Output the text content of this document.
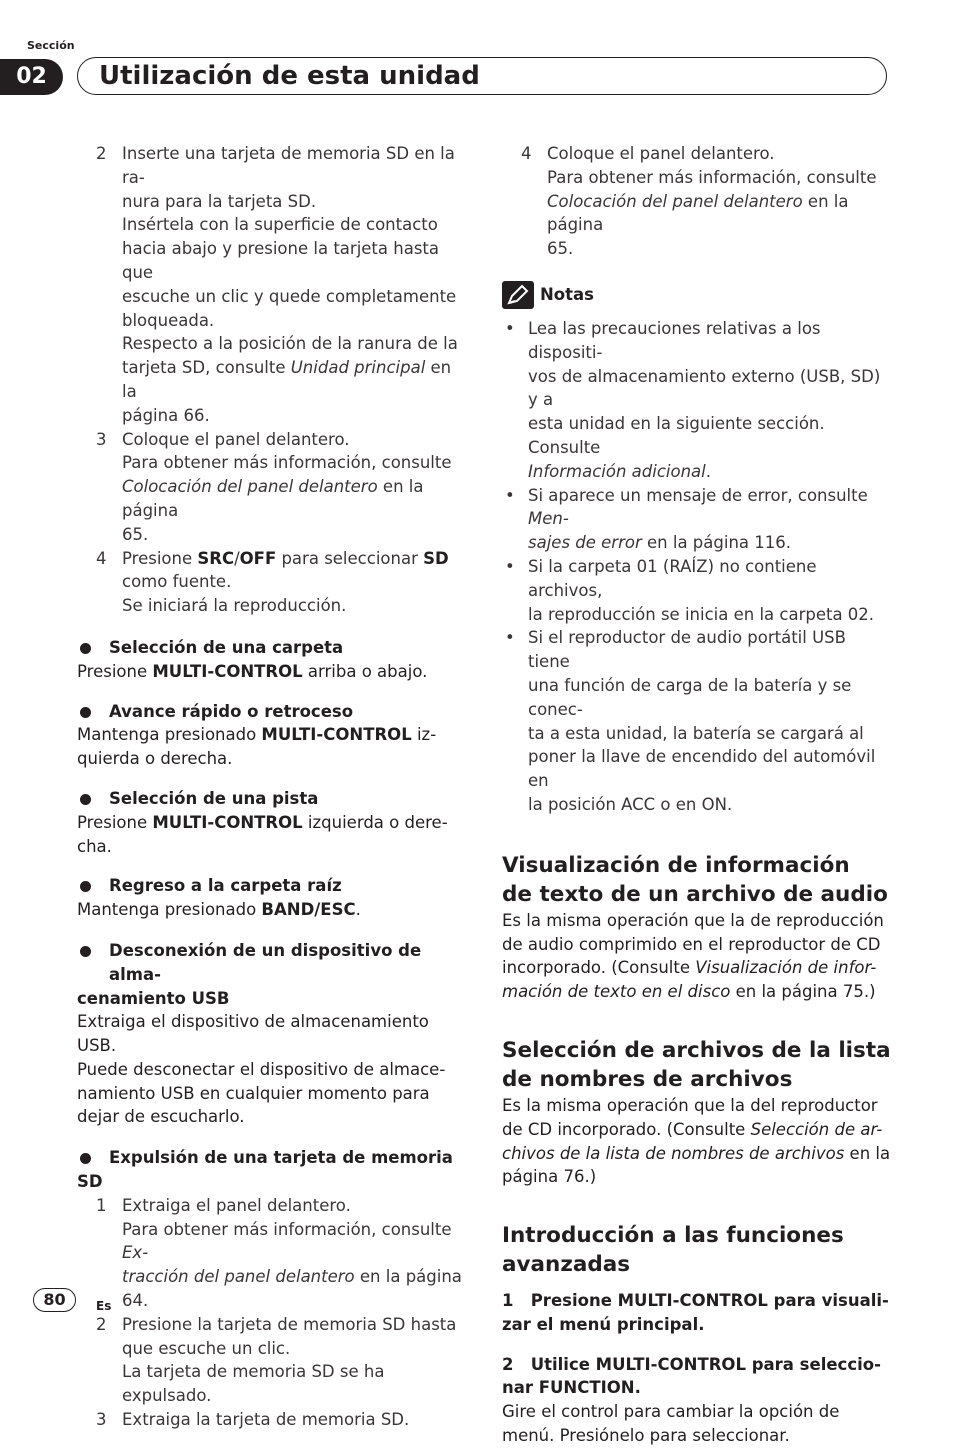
Sección
02	Utilización de esta unidad
2 Inserte una tarjeta de memoria SD en la ra-

nura para la tarjeta SD.

Insértela con la superficie de contacto

hacia abajo y presione la tarjeta hasta que

escuche un clic y quede completamente

bloqueada.

Respecto a la posición de la ranura de la

tarjeta SD, consulte Unidad principal en la

página 66.

3 Coloque el panel delantero.

Para obtener más información, consulte

Colocación del panel delantero en la página

65.

4 Presione SRC/OFF para seleccionar SD

como fuente.

Se iniciará la reproducción.

Selección de una carpeta

Presione MULTI-CONTROL arriba o abajo.

Avance rápido o retroceso

Mantenga presionado MULTI-CONTROL iz-
quierda o derecha.

Selección de una pista

Presione MULTI-CONTROL izquierda o dere-
cha.

Regreso a la carpeta raíz

Mantenga presionado BAND/ESC.

Desconexión de un dispositivo de alma-
cenamiento USB

Extraiga el dispositivo de almacenamiento

USB.

Puede desconectar el dispositivo de almace-

namiento USB en cualquier momento para

dejar de escucharlo.

Expulsión de una tarjeta de memoria
SD
1 Extraiga el panel delantero.

Para obtener más información, consulte Ex-

tracción del panel delantero en la página 64.

2 Presione la tarjeta de memoria SD hasta

que escuche un clic.

La tarjeta de memoria SD se ha expulsado.

3 Extraiga la tarjeta de memoria SD.

4 Coloque el panel delantero.

Para obtener más información, consulte

Colocación del panel delantero en la página

65.

Notas
• Lea las precauciones relativas a los dispositi-
vos de almacenamiento externo (USB, SD) y a
esta unidad en la siguiente sección. Consulte
Información adicional.
• Si aparece un mensaje de error, consulte Men-
sajes de error en la página 116.
• Si la carpeta 01 (RAÍZ) no contiene archivos,
la reproducción se inicia en la carpeta 02.
• Si el reproductor de audio portátil USB tiene
una función de carga de la batería y se conec-
ta a esta unidad, la batería se cargará al
poner la llave de encendido del automóvil en
la posición ACC o en ON.
Visualización de información
de texto de un archivo de audio
Es la misma operación que la de reproducción
de audio comprimido en el reproductor de CD
incorporado. (Consulte Visualización de infor-
mación de texto en el disco en la página 75.)
Selección de archivos de la lista
de nombres de archivos
Es la misma operación que la del reproductor
de CD incorporado. (Consulte Selección de ar-
chivos de la lista de nombres de archivos en la
página 76.)
Introducción a las funciones
avanzadas
1   Presione MULTI-CONTROL para visuali-
zar el menú principal.
2   Utilice MULTI-CONTROL para seleccio-
nar FUNCTION.
Gire el control para cambiar la opción de
menú. Presiónelo para seleccionar.
80	Es
